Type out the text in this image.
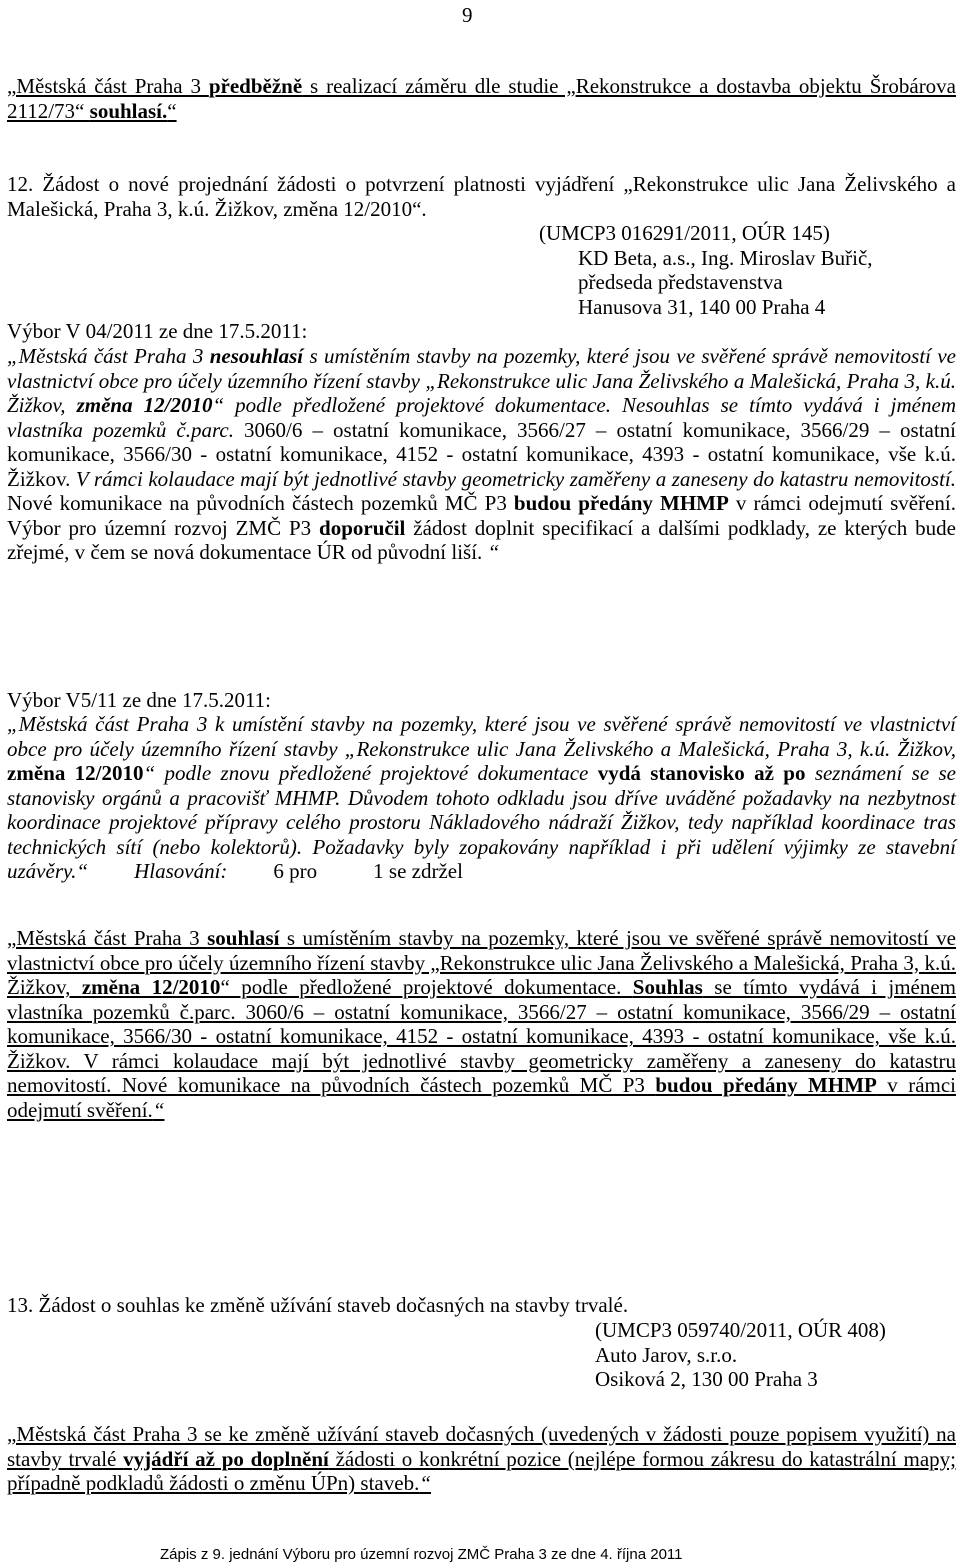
9

„Městská část Praha 3 předběžně s realizací záměru dle studie „Rekonstrukce a dostavba objektu Šrobárova 2112/73“ souhlasí.“

12. Žádost o nové projednání žádosti o potvrzení platnosti vyjádření „Rekonstrukce ulic Jana Želivského a Malešická, Praha 3, k.ú. Žižkov, změna 12/2010“.

(UMCP3 016291/2011, OÚR 145)

KD Beta, a.s., Ing. Miroslav Buřič,

předseda představenstva

Hanusova 31, 140 00 Praha 4

Výbor V 04/2011 ze dne 17.5.2011:

„Městská část Praha 3 nesouhlasí s umístěním stavby na pozemky, které jsou ve svěřené správě nemovitostí ve vlastnictví obce pro účely územního řízení stavby „Rekonstrukce ulic Jana Želivského a Malešická, Praha 3, k.ú. Žižkov, změna 12/2010“ podle předložené projektové dokumentace. Nesouhlas se tímto vydává i jménem vlastníka pozemků č.parc. 3060/6 – ostatní komunikace, 3566/27 – ostatní komunikace, 3566/29 – ostatní komunikace, 3566/30 - ostatní komunikace, 4152 - ostatní komunikace, 4393 - ostatní komunikace, vše k.ú. Žižkov. V rámci kolaudace mají být jednotlivé stavby geometricky zaměřeny a zaneseny do katastru nemovitostí. Nové komunikace na původních částech pozemků MČ P3 budou předány MHMP v rámci odejmutí svěření. Výbor pro územní rozvoj ZMČ P3 doporučil žádost doplnit specifikací a dalšími podklady, ze kterých bude zřejmé, v čem se nová dokumentace ÚR od původní liší. “

Výbor V5/11 ze dne 17.5.2011:

„Městská část Praha 3 k umístění stavby na pozemky, které jsou ve svěřené správě nemovitostí ve vlastnictví obce pro účely územního řízení stavby „Rekonstrukce ulic Jana Želivského a Malešická, Praha 3, k.ú. Žižkov, změna 12/2010“ podle znovu předložené projektové dokumentace vydá stanovisko až po seznámení se se stanovisky orgánů a pracovišť MHMP. Důvodem tohoto odkladu jsou dříve uváděné požadavky na nezbytnost koordinace projektové přípravy celého prostoru Nákladového nádraží Žižkov, tedy například koordinace tras technických sítí (nebo kolektorů). Požadavky byly zopakovány například i při udělení výjimky ze stavební uzávěry.“ Hlasování: 6 pro	1 se zdržel

„Městská část Praha 3 souhlasí s umístěním stavby na pozemky, které jsou ve svěřené správě nemovitostí ve vlastnictví obce pro účely územního řízení stavby „Rekonstrukce ulic Jana Želivského a Malešická, Praha 3, k.ú. Žižkov, změna 12/2010“ podle předložené projektové dokumentace. Souhlas se tímto vydává i jménem vlastníka pozemků č.parc. 3060/6 – ostatní komunikace, 3566/27 – ostatní komunikace, 3566/29 – ostatní komunikace, 3566/30 - ostatní komunikace, 4152 - ostatní komunikace, 4393 - ostatní komunikace, vše k.ú. Žižkov. V rámci kolaudace mají být jednotlivé stavby geometricky zaměřeny a zaneseny do katastru nemovitostí. Nové komunikace na původních částech pozemků MČ P3 budou předány MHMP v rámci odejmutí svěření.“

13. Žádost o souhlas ke změně užívání staveb dočasných na stavby trvalé.

(UMCP3 059740/2011, OÚR 408)

Auto Jarov, s.r.o.

Osiková 2, 130 00 Praha 3

„Městská část Praha 3 se ke změně užívání staveb dočasných (uvedených v žádosti pouze popisem využití) na stavby trvalé vyjádří až po doplnění žádosti o konkrétní pozice (nejlépe formou zákresu do katastrální mapy; případně podkladů žádosti o změnu ÚPn) staveb.“

Zápis z 9. jednání Výboru pro územní rozvoj ZMČ Praha 3 ze dne 4. října 2011
